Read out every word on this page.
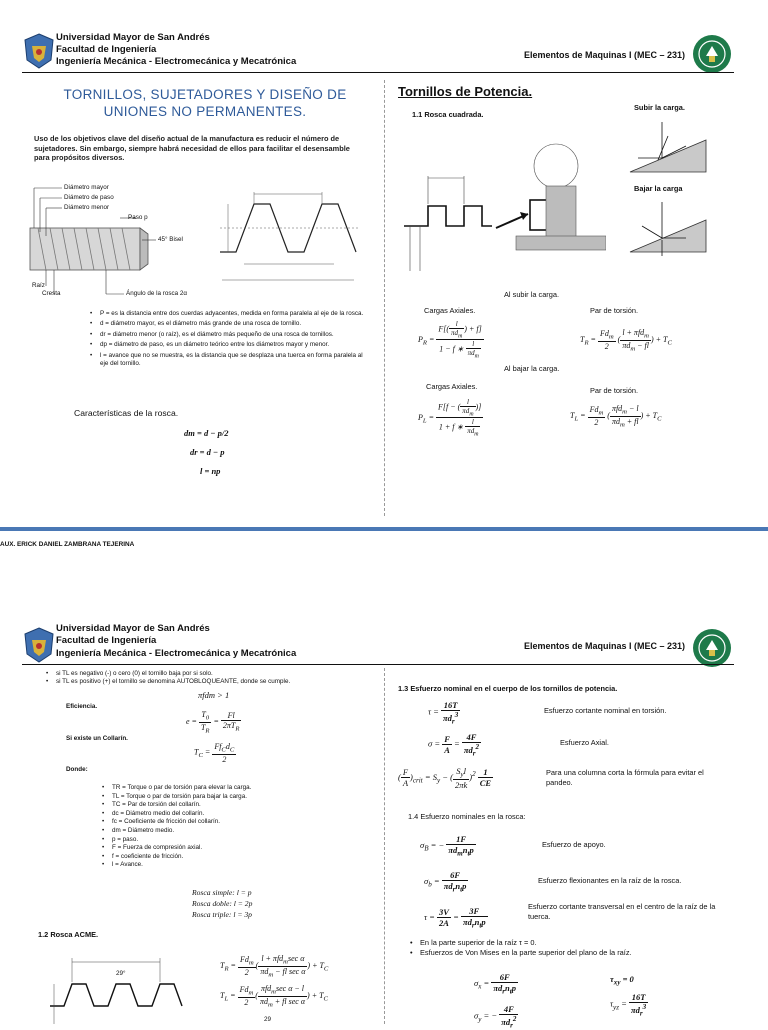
Universidad Mayor de San Andrés
Facultad de Ingeniería
Ingeniería Mecánica - Electromecánica y Mecatrónica
Elementos de Maquinas I (MEC – 231)
TORNILLOS, SUJETADORES Y DISEÑO DE
UNIONES NO PERMANENTES.
Uso de los objetivos clave del diseño actual de la manufactura es reducir el número de sujetadores. Sin embargo, siempre habrá necesidad de ellos para facilitar el desensamble para propósitos diversos.
Diámetro mayor
Diámetro de paso
Diámetro menor
Paso p
45° Bisel
Raíz
Cresta	Ángulo de la rosca 2α
• P = es la distancia entre dos cuerdas adyacentes, medida en forma paralela al eje de la rosca.
• d = diámetro mayor, es el diámetro más grande de una rosca de tornillo.
• dr = diámetro menor (o raíz), es el diámetro más pequeño de una rosca de tornillos.
• dp = diámetro de paso, es un diámetro teórico entre los diámetros mayor y menor.
• l = avance que no se muestra, es la distancia que se desplaza una tuerca en forma paralela al eje del tornillo.
Características de la rosca.
dm = d − p/2
dr = d − p
l = np
Tornillos de Potencia.
1.1 Rosca cuadrada.
Subir la carga.
Bajar la carga
Al subir la carga.
Cargas Axiales.	Par de torsión.
$P_R = \frac{F[( \frac{l}{\pi d_m} ) + f]}{1 - f ∗ \frac{l}{\pi d_m}}$	$T_R = \frac{Fd_m}{2}$ ( $\frac{l + \pi fd_m}{\pi d_m - fl}$ ) + $T_C$
Al bajar la carga.
Cargas Axiales.	Par de torsión.
$P_L = \frac{F[f - ( \frac{l}{\pi d_m} )]}{1 + f ∗ \frac{l}{\pi d_m}}$	$T_L = \frac{Fd_m}{2}$ ( $\frac{\pi fd_m - l}{\pi d_m + fl}$ ) + $T_C$
AUX. ERICK DANIEL ZAMBRANA TEJERINA
Universidad Mayor de San Andrés
Facultad de Ingeniería
Ingeniería Mecánica - Electromecánica y Mecatrónica
Elementos de Maquinas I (MEC – 231)
• si TL es negativo (-) o cero (0) el tornillo baja por si solo.
• si TL es positivo (+) el tornillo se denomina AUTOBLOQUEANTE, donde se cumple.
πfdm > 1
Eficiencia.
$e = \frac{T_0}{T_R} = \frac{Fl}{2\pi T_R}$
Si existe un Collarín.
$T_C = \frac{Ff_Cd_C}{2}$
Donde:
• TR = Torque o par de torsión para elevar la carga.
• TL = Torque o par de torsión para bajar la carga.
• TC = Par de torsión del collarín.
• dc = Diámetro medio del collarín.
• fc = Coeficiente de fricción del collarín.
• dm = Diámetro medio.
• p = paso.
• F = Fuerza de compresión axial.
• f = coeficiente de fricción.
• l = Avance.
Rosca simple: l = p
Rosca doble: l = 2p
Rosca triple: l = 3p
1.2 Rosca ACME.
29°
$T_R = \frac{Fd_m}{2}$ ( $\frac{l + \pi fd_m\sec \alpha}{\pi d_m - fl \sec \alpha}$ ) + $T_C$
$T_L = \frac{Fd_m}{2}$ ( $\frac{\pi fd_m\sec \alpha - l}{\pi d_m + fl \sec \alpha}$ ) + $T_C$
29
1.3 Esfuerzo nominal en el cuerpo de los tornillos de potencia.
$\tau = \frac{16T}{\pi d_r^3}$	Esfuerzo cortante nominal en torsión.
$\sigma = \frac{F}{A} = \frac{4F}{\pi d_r^2}$	Esfuerzo Axial.
( $\frac{F}{A} )_{crit} = S_y$ − ( $\frac{S_yl}{2\pi k} )^2 \frac{1}{CE}$	Para una columna corta la fórmula para evitar el pandeo.
1.4 Esfuerzo nominales en la rosca:
$\sigma_B$ = − $\frac{1F}{\pi d_mn_tp}$	Esfuerzo de apoyo.
$\sigma_b = \frac{6F}{\pi d_rn_tp}$	Esfuerzo flexionantes en la raíz de la rosca.
$\tau = \frac{3V}{2A} = \frac{3F}{\pi d_rn_tp}$	Esfuerzo cortante transversal en el centro de la raíz de la tuerca.
• En la parte superior de la raíz τ = 0.
• Esfuerzos de Von Mises en la parte superior del plano de la raíz.
$\sigma_x = \frac{6F}{\pi d_rn_tp}$
$\sigma_y$ = − $\frac{4F}{\pi d_r^2}$
$\tau_{xy} = 0$
$\tau_{yz} = \frac{16T}{\pi d_r^3}$
